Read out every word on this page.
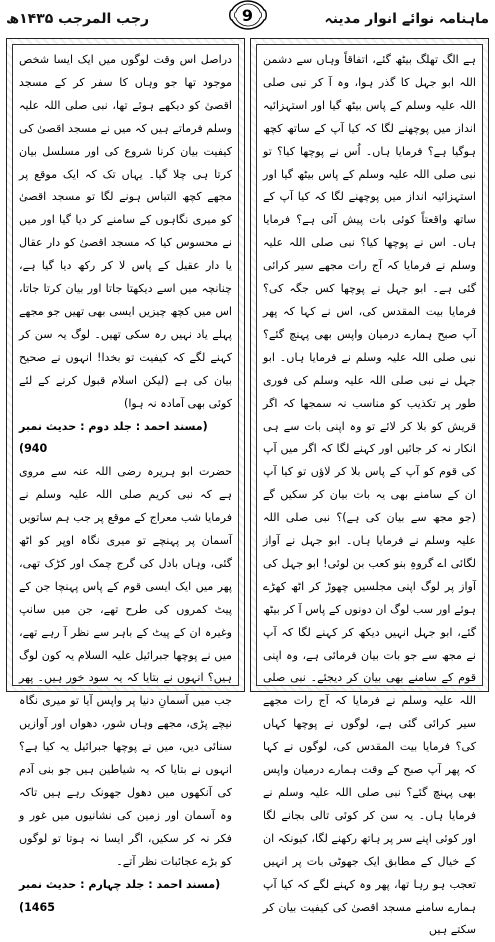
ماہنامہ نوائے انوار مدینہ
رجب المرجب ۱۴۳۵ھ	9

ہے الگ تھلگ بیٹھ گئے، اتفاقاً وہاں سے دشمن اللہ ابو جہل کا گذر ہوا، وہ آ کر نبی صلی اللہ علیہ وسلم کے پاس بیٹھ گیا اور استہزائیہ انداز میں پوچھنے لگا کہ کیا آپ کے ساتھ کچھ ہوگیا ہے؟ فرمایا ہاں۔ اُس نے پوچھا کیا؟ تو نبی صلی اللہ علیہ وسلم کے پاس بیٹھ گیا اور استہزائیہ انداز میں پوچھنے لگا کہ کیا آپ کے ساتھ واقعتاً کوئی بات پیش آئی ہے؟ فرمایا ہاں۔ اس نے پوچھا کیا؟ نبی صلی اللہ علیہ وسلم نے فرمایا کہ آج رات مجھے سیر کرائی گئی ہے۔ ابو جہل نے پوچھا کس جگہ کی؟ فرمایا بیت المقدس کی، اس نے کہا کہ پھر آپ صبح ہمارے درمیان واپس بھی پہنچ گئے؟ نبی صلی اللہ علیہ وسلم نے فرمایا ہاں۔ ابو جہل نے نبی صلی اللہ علیہ وسلم کی فوری طور پر تکذیب کو مناسب نہ سمجھا کہ اگر قریش کو بلا کر لائے تو وہ اپنی بات سے ہی انکار نہ کر جائیں اور کہنے لگا کہ اگر میں آپ کی قوم کو آپ کے پاس بلا کر لاؤں تو کیا آپ ان کے سامنے بھی یہ بات بیان کر سکیں گے (جو مجھ سے بیان کی ہے)؟ نبی صلی اللہ علیہ وسلم نے فرمایا ہاں۔ ابو جہل نے آواز لگائی اے گروہِ بنو کعب بن لوئی! ابو جہل کی آواز پر لوگ اپنی مجلسیں چھوڑ کر اٹھ کھڑے ہوئے اور سب لوگ ان دونوں کے پاس آ کر بیٹھ گئے، ابو جہل انہیں دیکھ کر کہنے لگا کہ آپ نے مجھ سے جو بات بیان فرمائی ہے، وہ اپنی قوم کے سامنے بھی بیان کر دیجئے۔ نبی صلی اللہ علیہ وسلم نے فرمایا کہ آج رات مجھے سیر کرائی گئی ہے، لوگوں نے پوچھا کہاں کی؟ فرمایا بیت المقدس کی، لوگوں نے کہا کہ پھر آپ صبح کے وقت ہمارے درمیان واپس بھی پہنچ گئے؟ نبی صلی اللہ علیہ وسلم نے فرمایا ہاں۔ یہ سن کر کوئی تالی بجانے لگا اور کوئی اپنے سر پر ہاتھ رکھنے لگا، کیونکہ ان کے خیال کے مطابق ایک جھوٹی بات پر انہیں تعجب ہو رہا تھا، پھر وہ کہنے لگے کہ کیا آپ ہمارے سامنے مسجد اقصیٰ کی کیفیت بیان کر سکتے ہیں

دراصل اس وقت لوگوں میں ایک ایسا شخص موجود تھا جو وہاں کا سفر کر کے مسجد اقصیٰ کو دیکھے ہوئے تھا، نبی صلی اللہ علیہ وسلم فرماتے ہیں کہ میں نے مسجد اقصیٰ کی کیفیت بیان کرنا شروع کی اور مسلسل بیان کرتا ہی چلا گیا۔ یہاں تک کہ ایک موقع پر مجھے کچھ التباس ہونے لگا تو مسجد اقصیٰ کو میری نگاہوں کے سامنے کر دیا گیا اور میں نے محسوس کیا کہ مسجد اقصیٰ کو دار عقال یا دار عقیل کے پاس لا کر رکھ دیا گیا ہے، چنانچہ میں اسے دیکھتا جاتا اور بیان کرتا جاتا، اس میں کچھ چیزیں ایسی بھی تھیں جو مجھے پہلے یاد نہیں رہ سکی تھیں۔ لوگ یہ سن کر کہنے لگے کہ کیفیت تو بخدا! انہوں نے صحیح بیان کی ہے (لیکن اسلام قبول کرنے کے لئے کوئی بھی آمادہ نہ ہوا)

(مسند احمد : جلد دوم : حدیث نمبر 940)

حضرت ابو ہریرہ رضی اللہ عنہ سے مروی ہے کہ نبی کریم صلی اللہ علیہ وسلم نے فرمایا شب معراج کے موقع پر جب ہم ساتویں آسمان پر پہنچے تو میری نگاہ اوپر کو اٹھ گئی، وہاں بادل کی گرج چمک اور کڑک تھی، پھر میں ایک ایسی قوم کے پاس پہنچا جن کے پیٹ کمروں کی طرح تھے، جن میں سانپ وغیرہ ان کے پیٹ کے باہر سے نظر آ رہے تھے، میں نے پوچھا جبرائیل علیہ السلام یہ کون لوگ ہیں؟ انہوں نے بتایا کہ یہ سود خور ہیں۔ پھر جب میں آسمانِ دنیا پر واپس آیا تو میری نگاہ نیچے پڑی، مجھے وہاں شور، دھواں اور آوازیں سنائی دیں، میں نے پوچھا جبرائیل یہ کیا ہے؟ انہوں نے بتایا کہ یہ شیاطین ہیں جو بنی آدم کی آنکھوں میں دھول جھونک رہے ہیں تاکہ وہ آسمان اور زمین کی نشانیوں میں غور و فکر نہ کر سکیں، اگر ایسا نہ ہوتا تو لوگوں کو بڑے عجائبات نظر آتے۔

(مسند احمد : جلد چہارم : حدیث نمبر 1465)
